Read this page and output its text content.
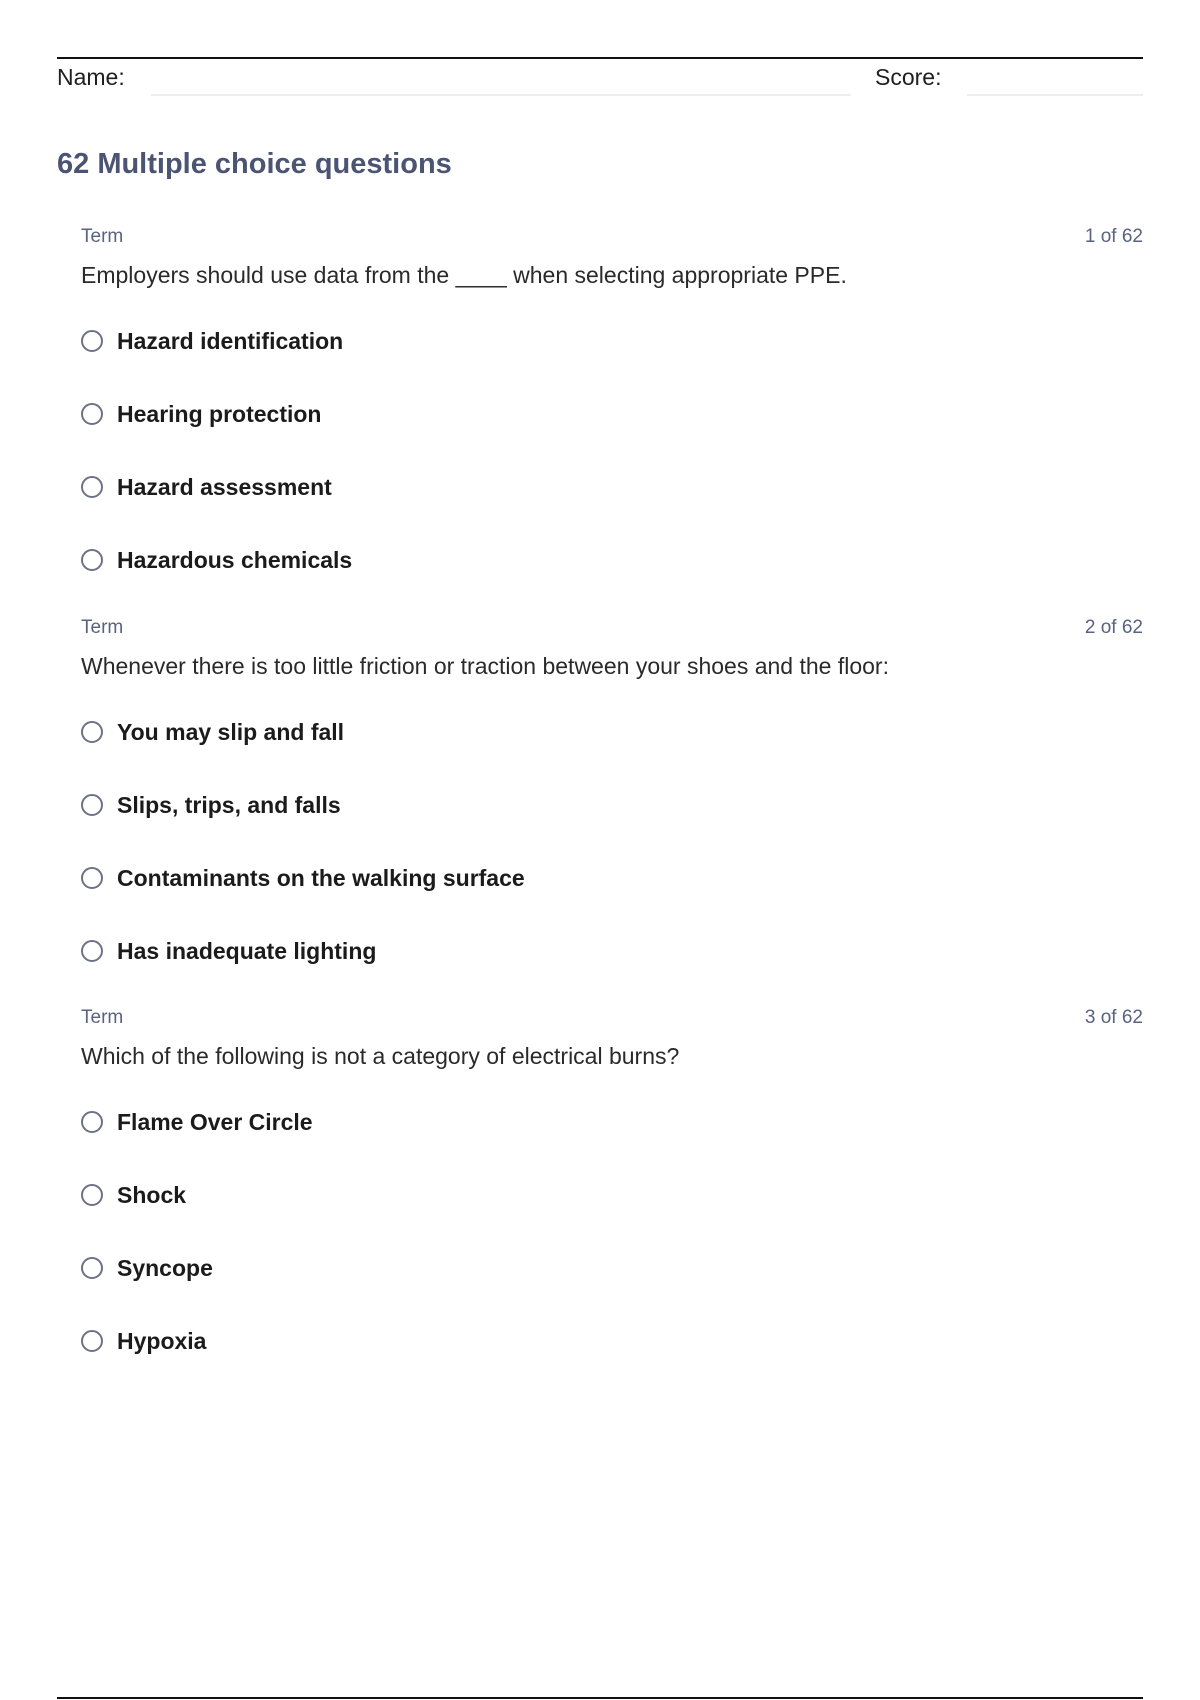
Name:	Score:
62 Multiple choice questions
Term	1 of 62
Employers should use data from the ____ when selecting appropriate PPE.
Hazard identification
Hearing protection
Hazard assessment
Hazardous chemicals
Term	2 of 62
Whenever there is too little friction or traction between your shoes and the floor:
You may slip and fall
Slips, trips, and falls
Contaminants on the walking surface
Has inadequate lighting
Term	3 of 62
Which of the following is not a category of electrical burns?
Flame Over Circle
Shock
Syncope
Hypoxia
